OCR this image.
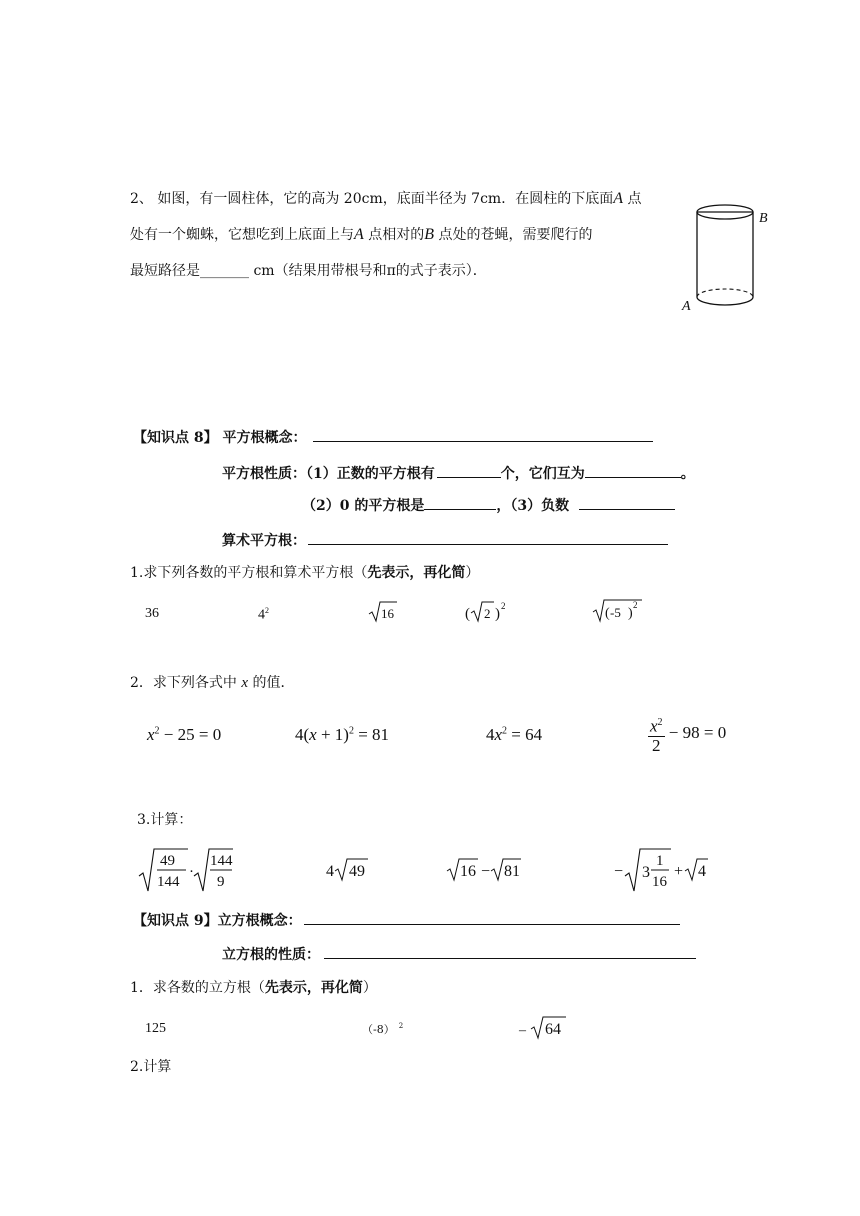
2、 如图，有一圆柱体，它的高为 20cm，底面半径为 7cm．在圆柱的下底面A 点
处有一个蜘蛛，它想吃到上底面上与A 点相对的B 点处的苍蝇，需要爬行的
最短路径是_______ cm（结果用带根号和π的式子表示）．
B
A
【知识点 8】 平方根概念：
平方根性质：（1）正数的平方根有	个，它们互为	。
（2）0 的平方根是	，（3）负数
算术平方根：
1.求下列各数的平方根和算术平方根（先表示，再化简）
36	$4^2$	16	( 2 ) 2	( -5 )
2
2．求下列各式中 x 的值．
$x^2 - 25 = 0$	$4(x + 1)^2 = 81$	$4x^2 = 64$	$\frac{x^2}{2} - 98 = 0$
3.计算：
49
144
·
144
9
4 49	16 − 81	− 3
1
16
+ 4
【知识点 9】立方根概念：
立方根的性质：
1．求各数的立方根（先表示，再化简）
125	（-8） $^2$	– 64
2.计算
